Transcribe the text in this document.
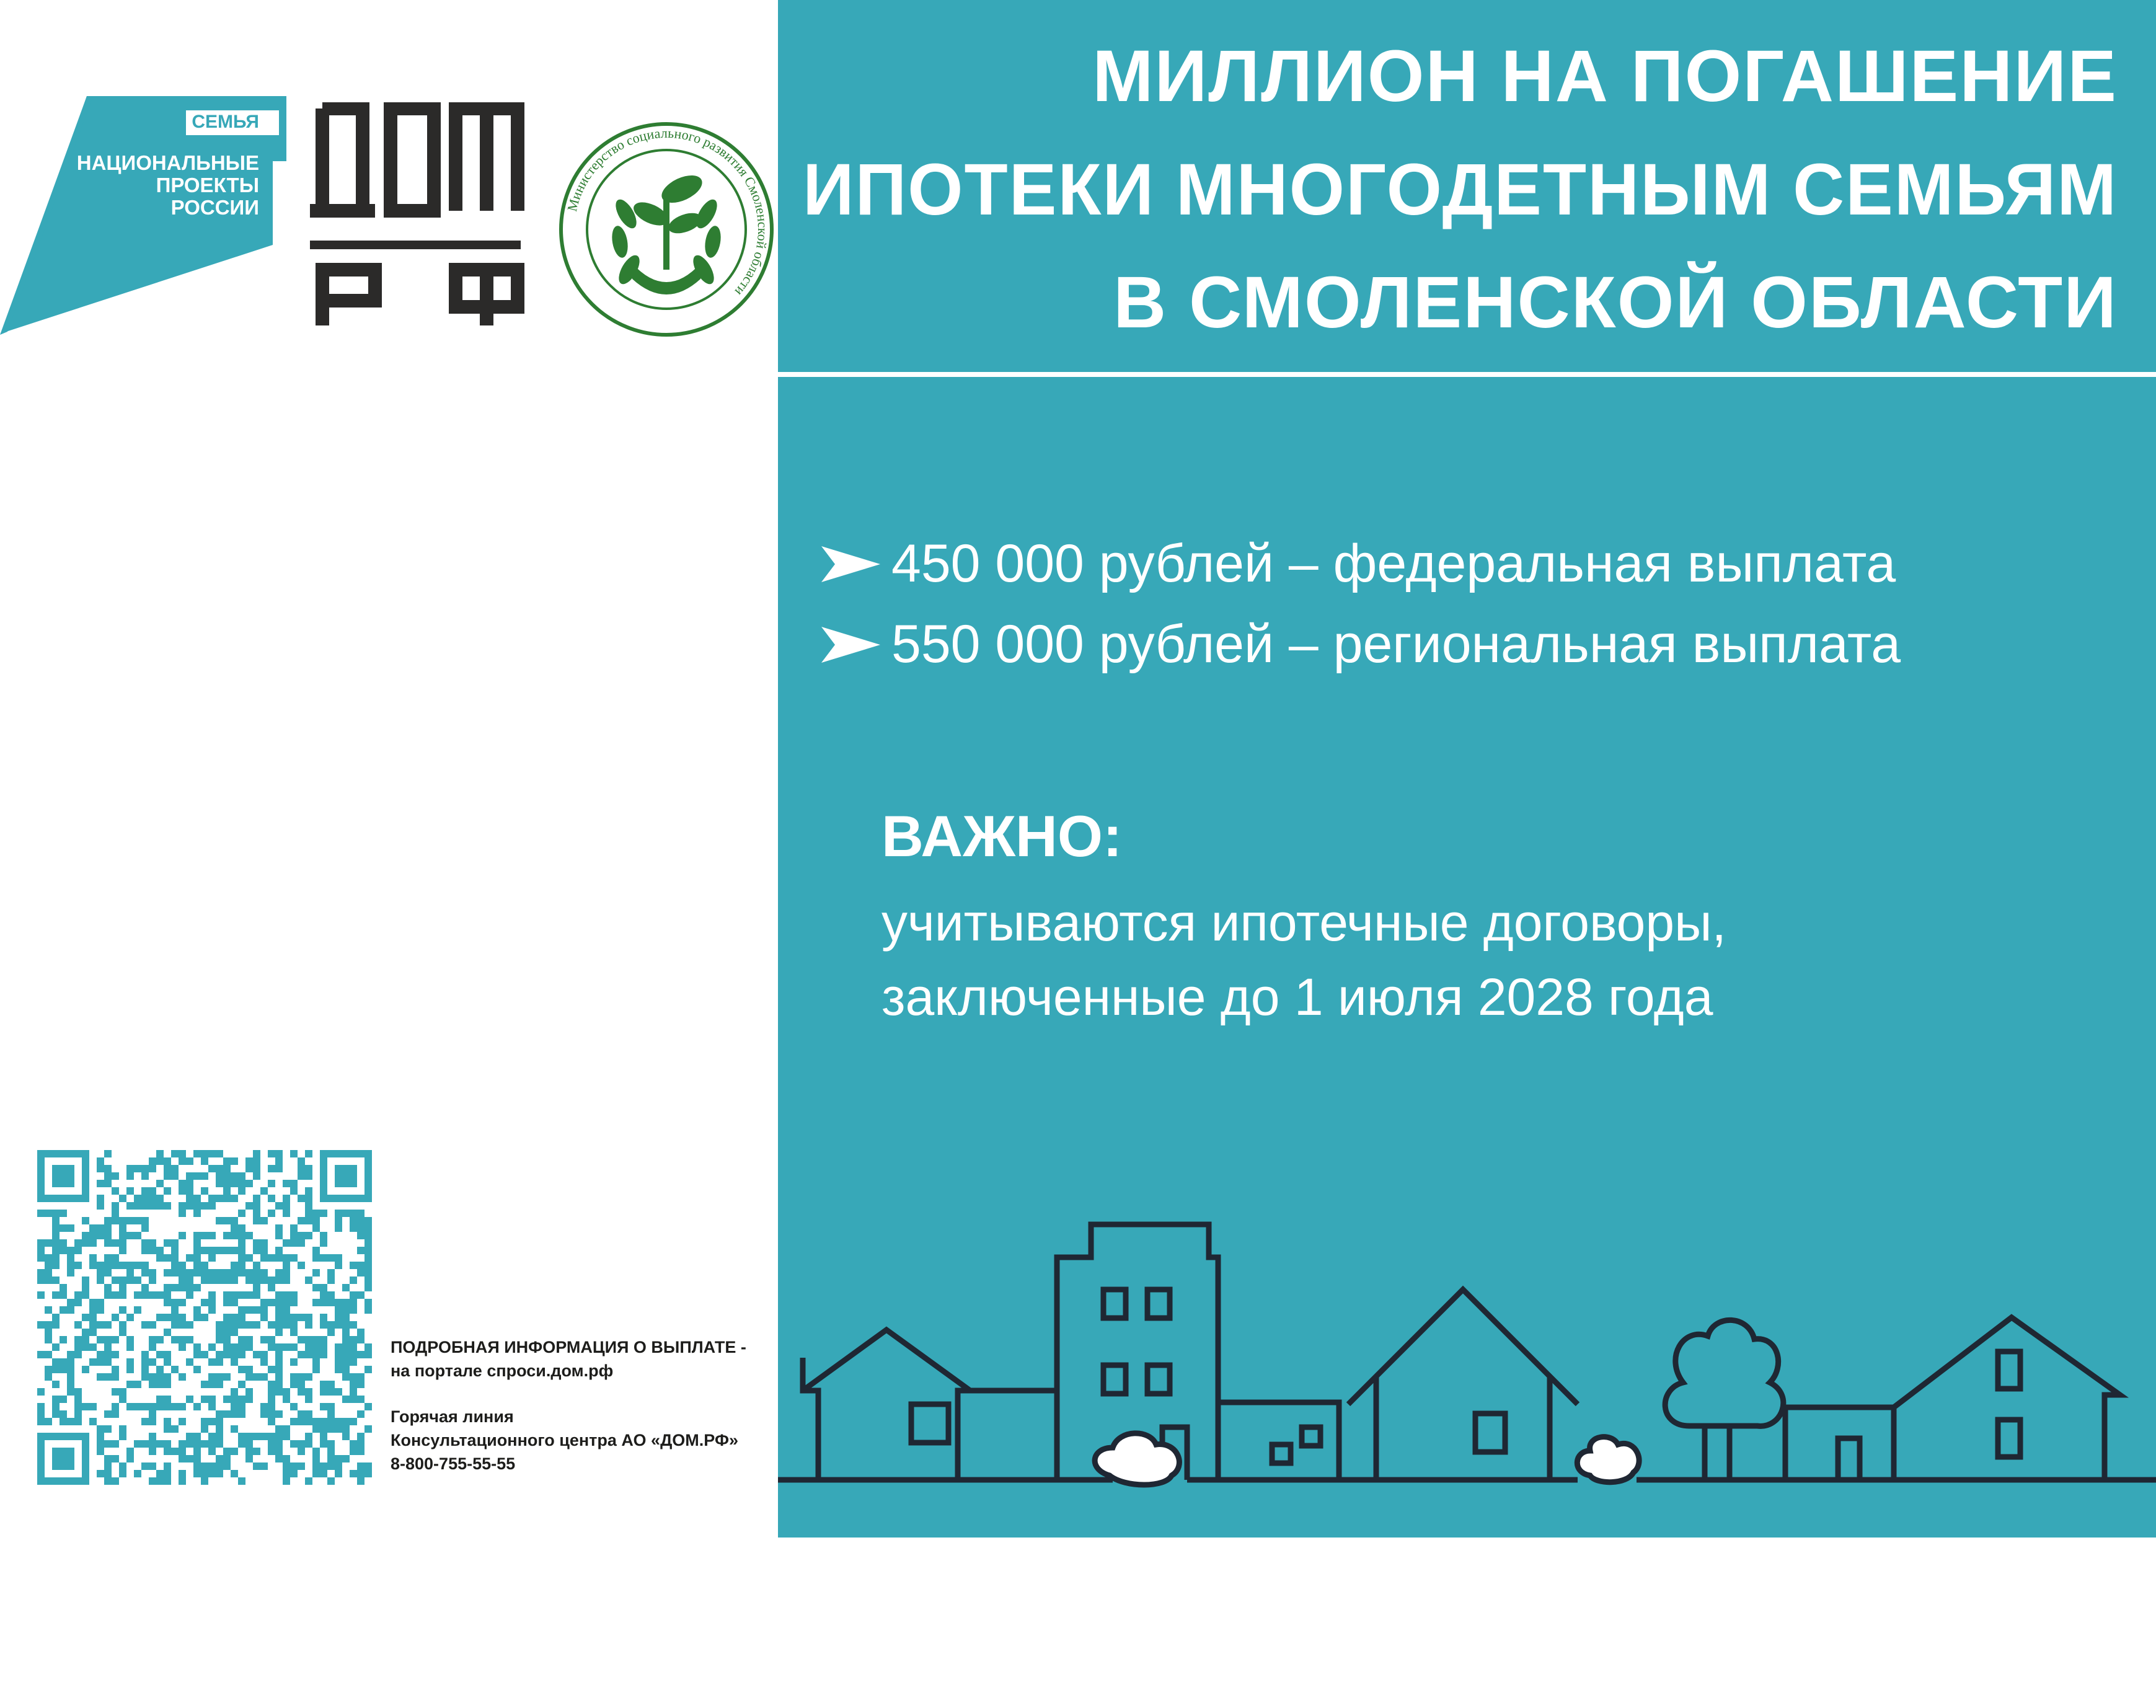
СЕМЬЯ
НАЦИОНАЛЬНЫЕ
ПРОЕКТЫ
РОССИИ	Министерство социального развития Смоленской области
МИЛЛИОН НА ПОГАШЕНИЕ
ИПОТЕКИ МНОГОДЕТНЫМ СЕМЬЯМ
В СМОЛЕНСКОЙ ОБЛАСТИ
450 000 рублей – федеральная выплата
550 000 рублей – региональная выплата
ВАЖНО:
учитываются ипотечные договоры,
заключенные до 1 июля 2028 года
ПОДРОБНАЯ ИНФОРМАЦИЯ О ВЫПЛАТЕ -
на портале спроси.дом.рф
Горячая линия
Консультационного центра АО «ДОМ.РФ»
8-800-755-55-55
